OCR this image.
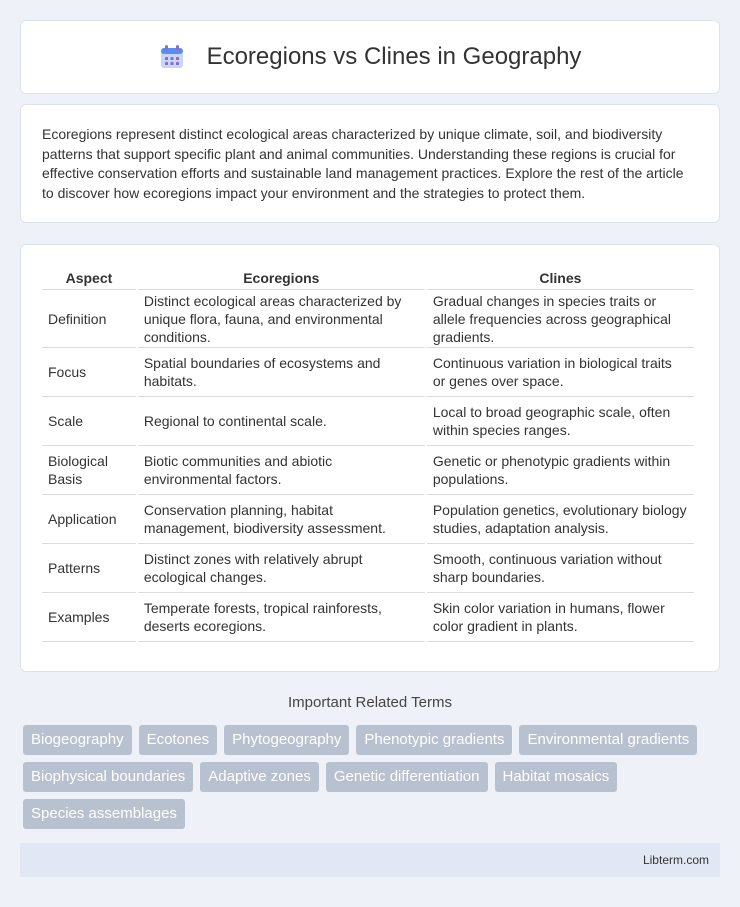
Ecoregions vs Clines in Geography

Ecoregions represent distinct ecological areas characterized by unique climate, soil, and biodiversity patterns that support specific plant and animal communities. Understanding these regions is crucial for effective conservation efforts and sustainable land management practices. Explore the rest of the article to discover how ecoregions impact your environment and the strategies to protect them.

Aspect	Ecoregions	Clines
Definition	Distinct ecological areas characterized by unique flora, fauna, and environmental conditions.	Gradual changes in species traits or allele frequencies across geographical gradients.
Focus	Spatial boundaries of ecosystems and habitats.	Continuous variation in biological traits or genes over space.
Scale	Regional to continental scale.	Local to broad geographic scale, often within species ranges.
Biological Basis	Biotic communities and abiotic environmental factors.	Genetic or phenotypic gradients within populations.
Application	Conservation planning, habitat management, biodiversity assessment.	Population genetics, evolutionary biology studies, adaptation analysis.
Patterns	Distinct zones with relatively abrupt ecological changes.	Smooth, continuous variation without sharp boundaries.
Examples	Temperate forests, tropical rainforests, deserts ecoregions.	Skin color variation in humans, flower color gradient in plants.
Important Related Terms
Biogeography	Ecotones	Phytogeography	Phenotypic gradients	Environmental gradients
Biophysical boundaries	Adaptive zones	Genetic differentiation	Habitat mosaics
Species assemblages
Libterm.com
